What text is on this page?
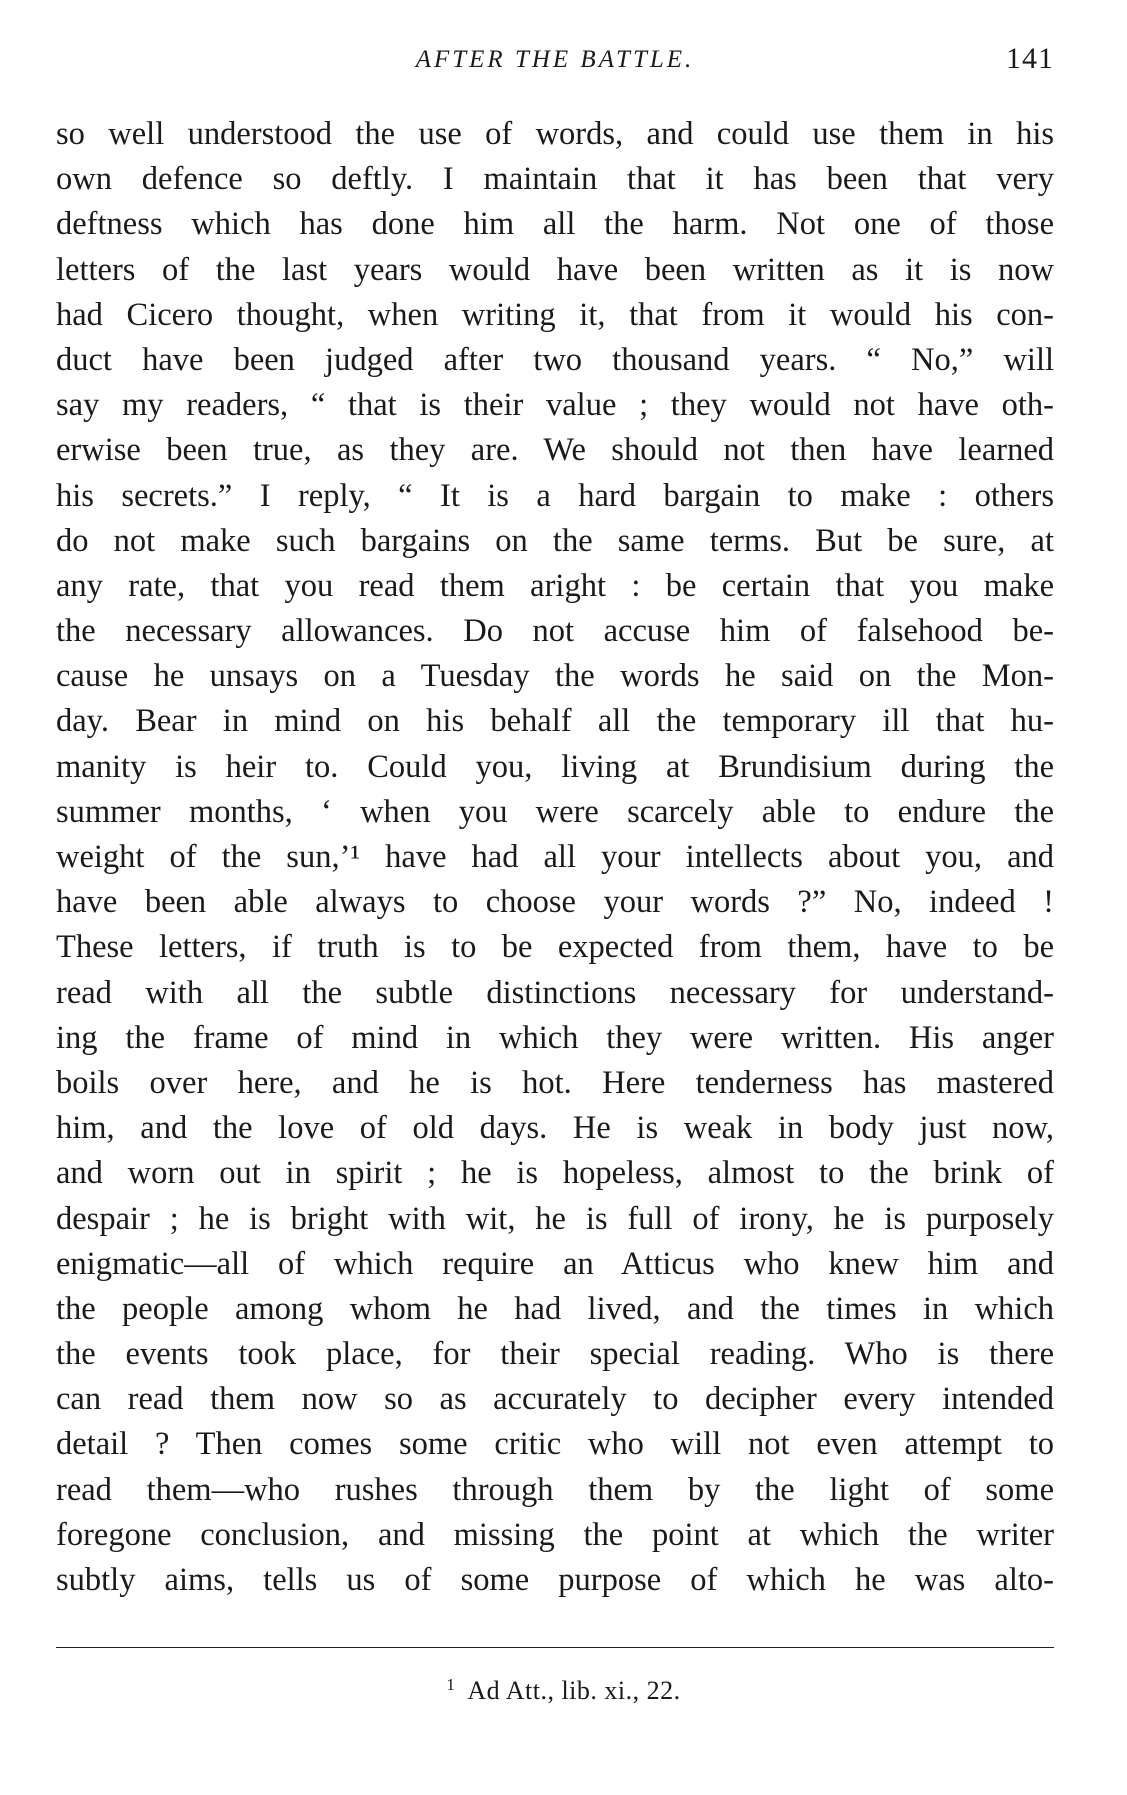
AFTER THE BATTLE.	141
so well understood the use of words, and could use them in his
own defence so deftly. I maintain that it has been that very
deftness which has done him all the harm. Not one of those
letters of the last years would have been written as it is now
had Cicero thought, when writing it, that from it would his con-
duct have been judged after two thousand years. “ No,” will
say my readers, “ that is their value ; they would not have oth-
erwise been true, as they are. We should not then have learned
his secrets.” I reply, “ It is a hard bargain to make : others
do not make such bargains on the same terms. But be sure, at
any rate, that you read them aright : be certain that you make
the necessary allowances. Do not accuse him of falsehood be-
cause he unsays on a Tuesday the words he said on the Mon-
day. Bear in mind on his behalf all the temporary ill that hu-
manity is heir to. Could you, living at Brundisium during the
summer months, ‘ when you were scarcely able to endure the
weight of the sun,’¹ have had all your intellects about you, and
have been able always to choose your words ?” No, indeed !
These letters, if truth is to be expected from them, have to be
read with all the subtle distinctions necessary for understand-
ing the frame of mind in which they were written. His anger
boils over here, and he is hot. Here tenderness has mastered
him, and the love of old days. He is weak in body just now,
and worn out in spirit ; he is hopeless, almost to the brink of
despair ; he is bright with wit, he is full of irony, he is purposely
enigmatic—all of which require an Atticus who knew him and
the people among whom he had lived, and the times in which
the events took place, for their special reading. Who is there
can read them now so as accurately to decipher every intended
detail ? Then comes some critic who will not even attempt to
read them—who rushes through them by the light of some
foregone conclusion, and missing the point at which the writer
subtly aims, tells us of some purpose of which he was alto-
$^1$ Ad Att., lib. xi., 22.
